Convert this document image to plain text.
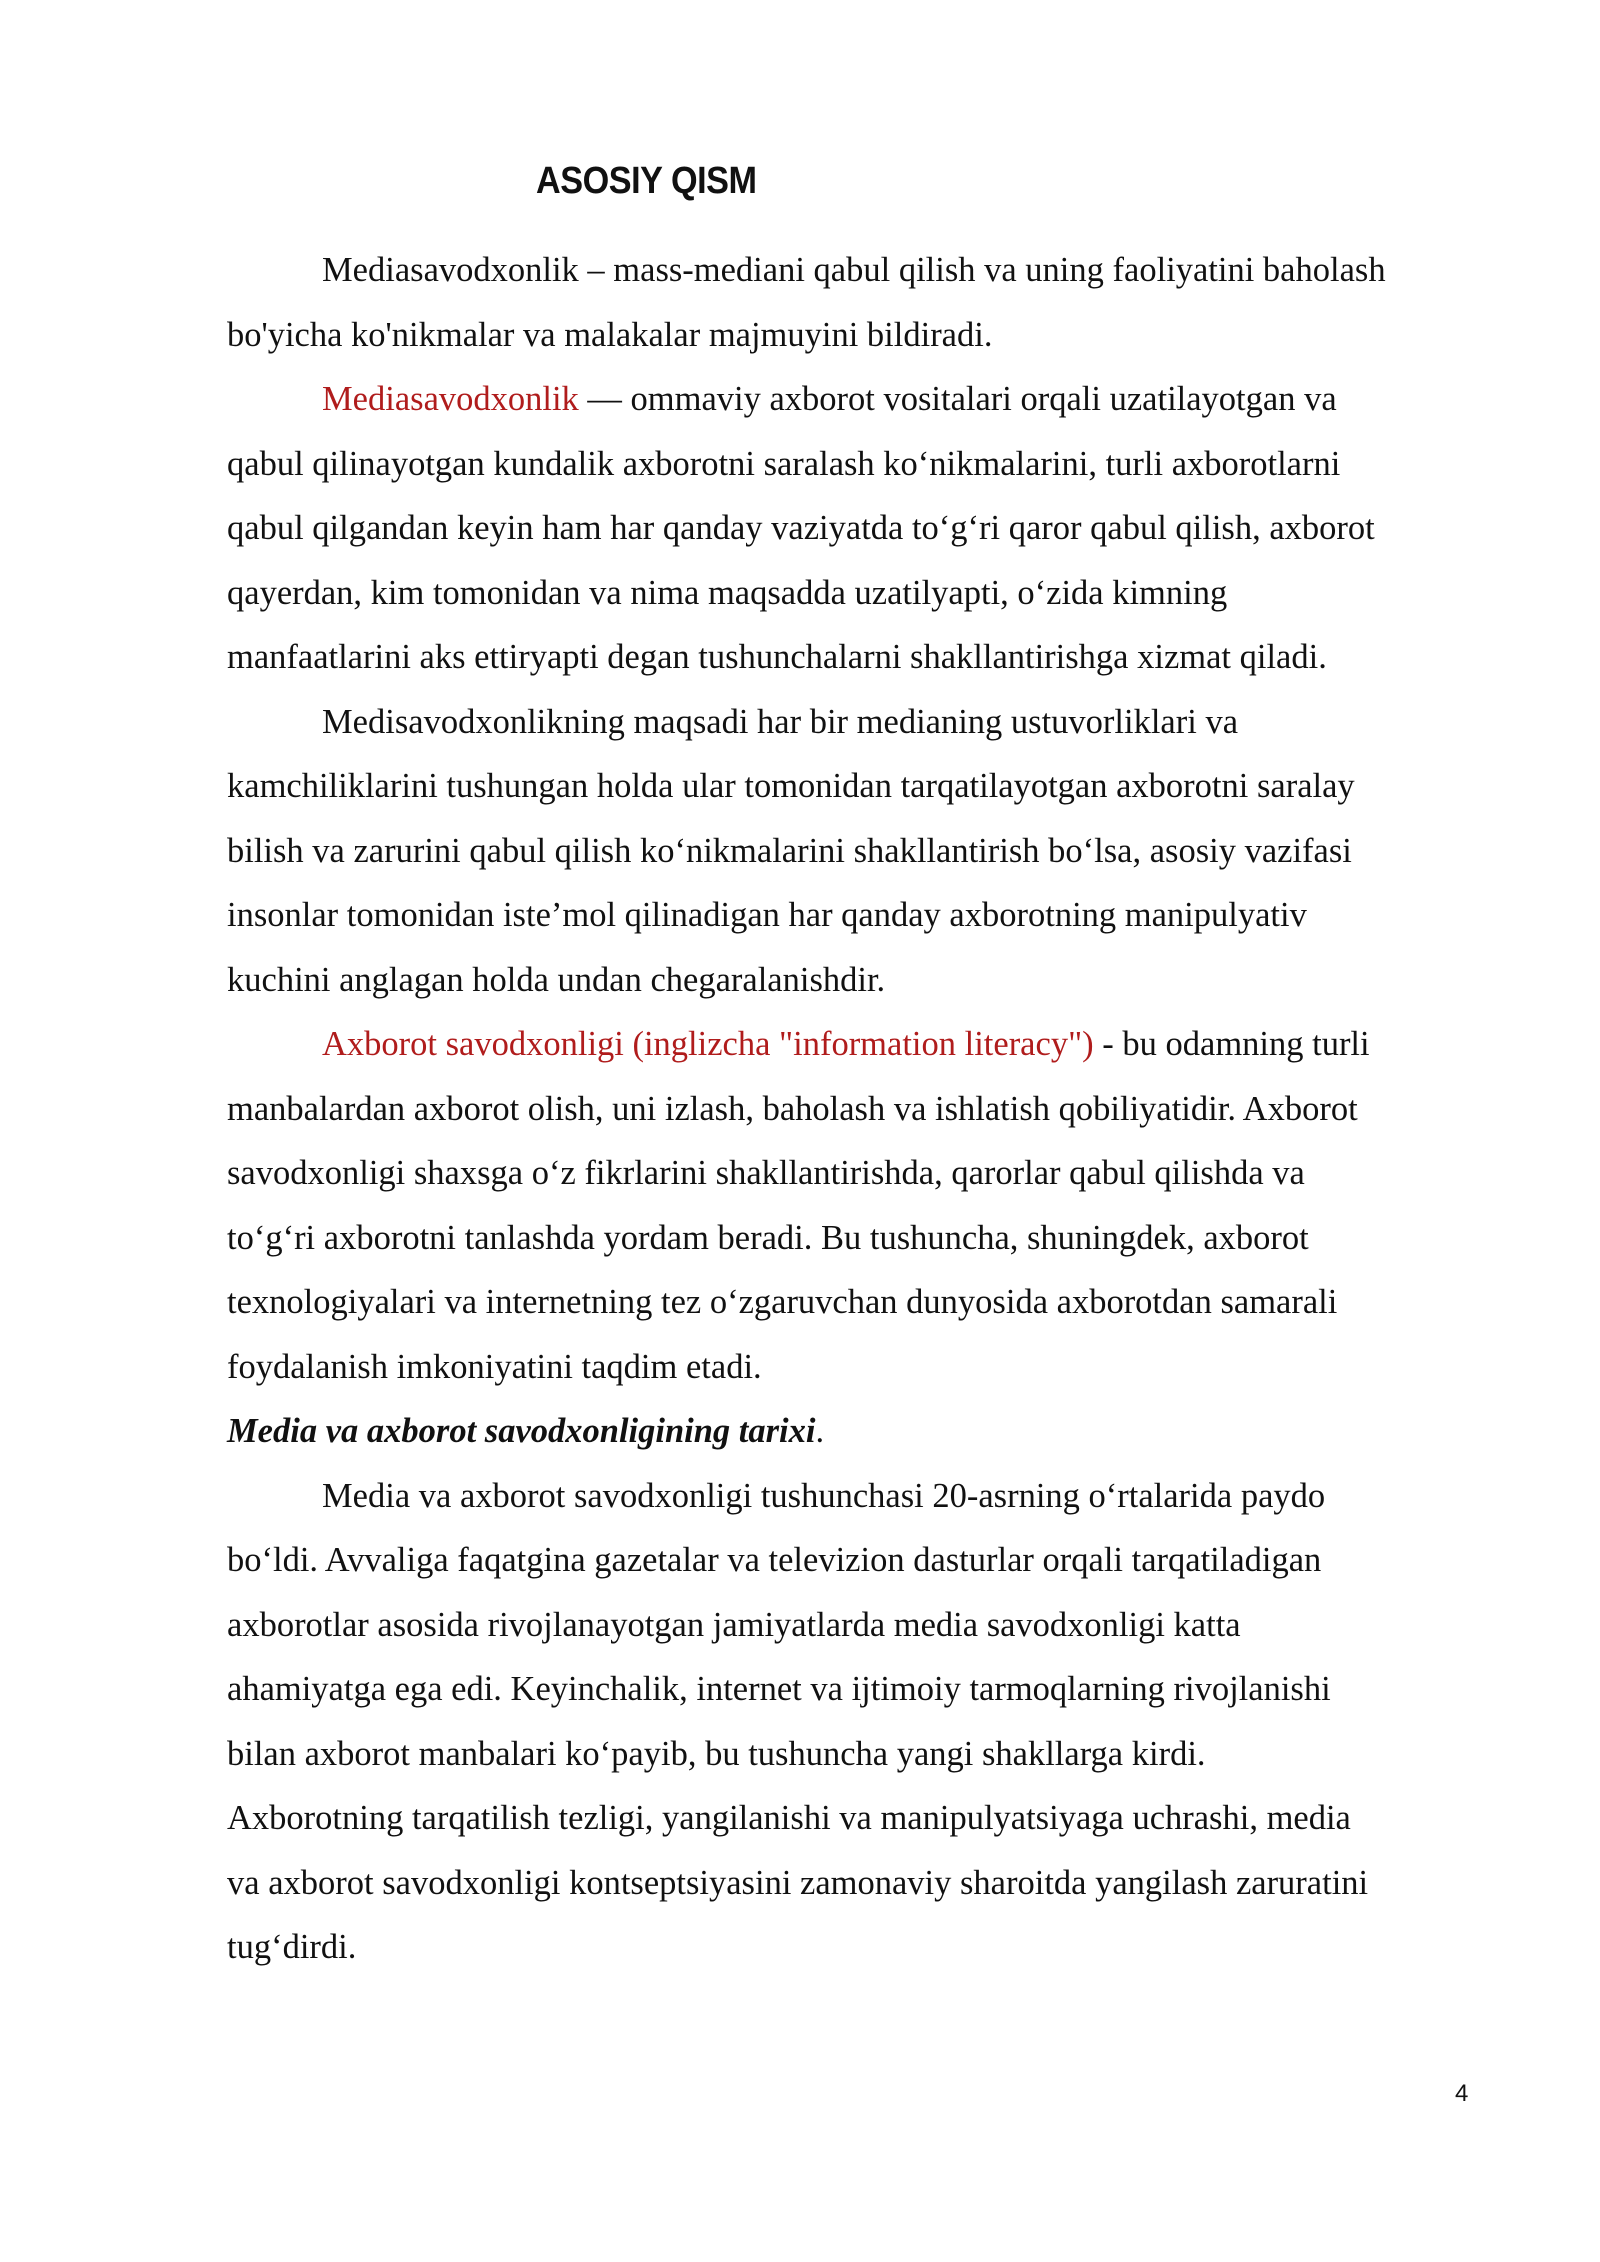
ASOSIY QISM

Mediasavodxonlik – mass-mediani qabul qilish va uning faoliyatini baholash
bo'yicha ko'nikmalar va malakalar majmuyini bildiradi.

Mediasavodxonlik — ommaviy axborot vositalari orqali uzatilayotgan va
qabul qilinayotgan kundalik axborotni saralash ko‘nikmalarini, turli axborotlarni
qabul qilgandan keyin ham har qanday vaziyatda to‘g‘ri qaror qabul qilish, axborot
qayerdan, kim tomonidan va nima maqsadda uzatilyapti, o‘zida kimning
manfaatlarini aks ettiryapti degan tushunchalarni shakllantirishga xizmat qiladi.

Medisavodxonlikning maqsadi har bir medianing ustuvorliklari va
kamchiliklarini tushungan holda ular tomonidan tarqatilayotgan axborotni saralay
bilish va zarurini qabul qilish ko‘nikmalarini shakllantirish bo‘lsa, asosiy vazifasi
insonlar tomonidan iste’mol qilinadigan har qanday axborotning manipulyativ
kuchini anglagan holda undan chegaralanishdir.

Axborot savodxonligi (inglizcha "information literacy") - bu odamning turli
manbalardan axborot olish, uni izlash, baholash va ishlatish qobiliyatidir. Axborot
savodxonligi shaxsga o‘z fikrlarini shakllantirishda, qarorlar qabul qilishda va
to‘g‘ri axborotni tanlashda yordam beradi. Bu tushuncha, shuningdek, axborot
texnologiyalari va internetning tez o‘zgaruvchan dunyosida axborotdan samarali
foydalanish imkoniyatini taqdim etadi.

Media va axborot savodxonligining tarixi.

Media va axborot savodxonligi tushunchasi 20-asrning o‘rtalarida paydo
bo‘ldi. Avvaliga faqatgina gazetalar va televizion dasturlar orqali tarqatiladigan
axborotlar asosida rivojlanayotgan jamiyatlarda media savodxonligi katta
ahamiyatga ega edi. Keyinchalik, internet va ijtimoiy tarmoqlarning rivojlanishi
bilan axborot manbalari ko‘payib, bu tushuncha yangi shakllarga kirdi.
Axborotning tarqatilish tezligi, yangilanishi va manipulyatsiyaga uchrashi, media
va axborot savodxonligi kontseptsiyasini zamonaviy sharoitda yangilash zaruratini
tug‘dirdi.

4
